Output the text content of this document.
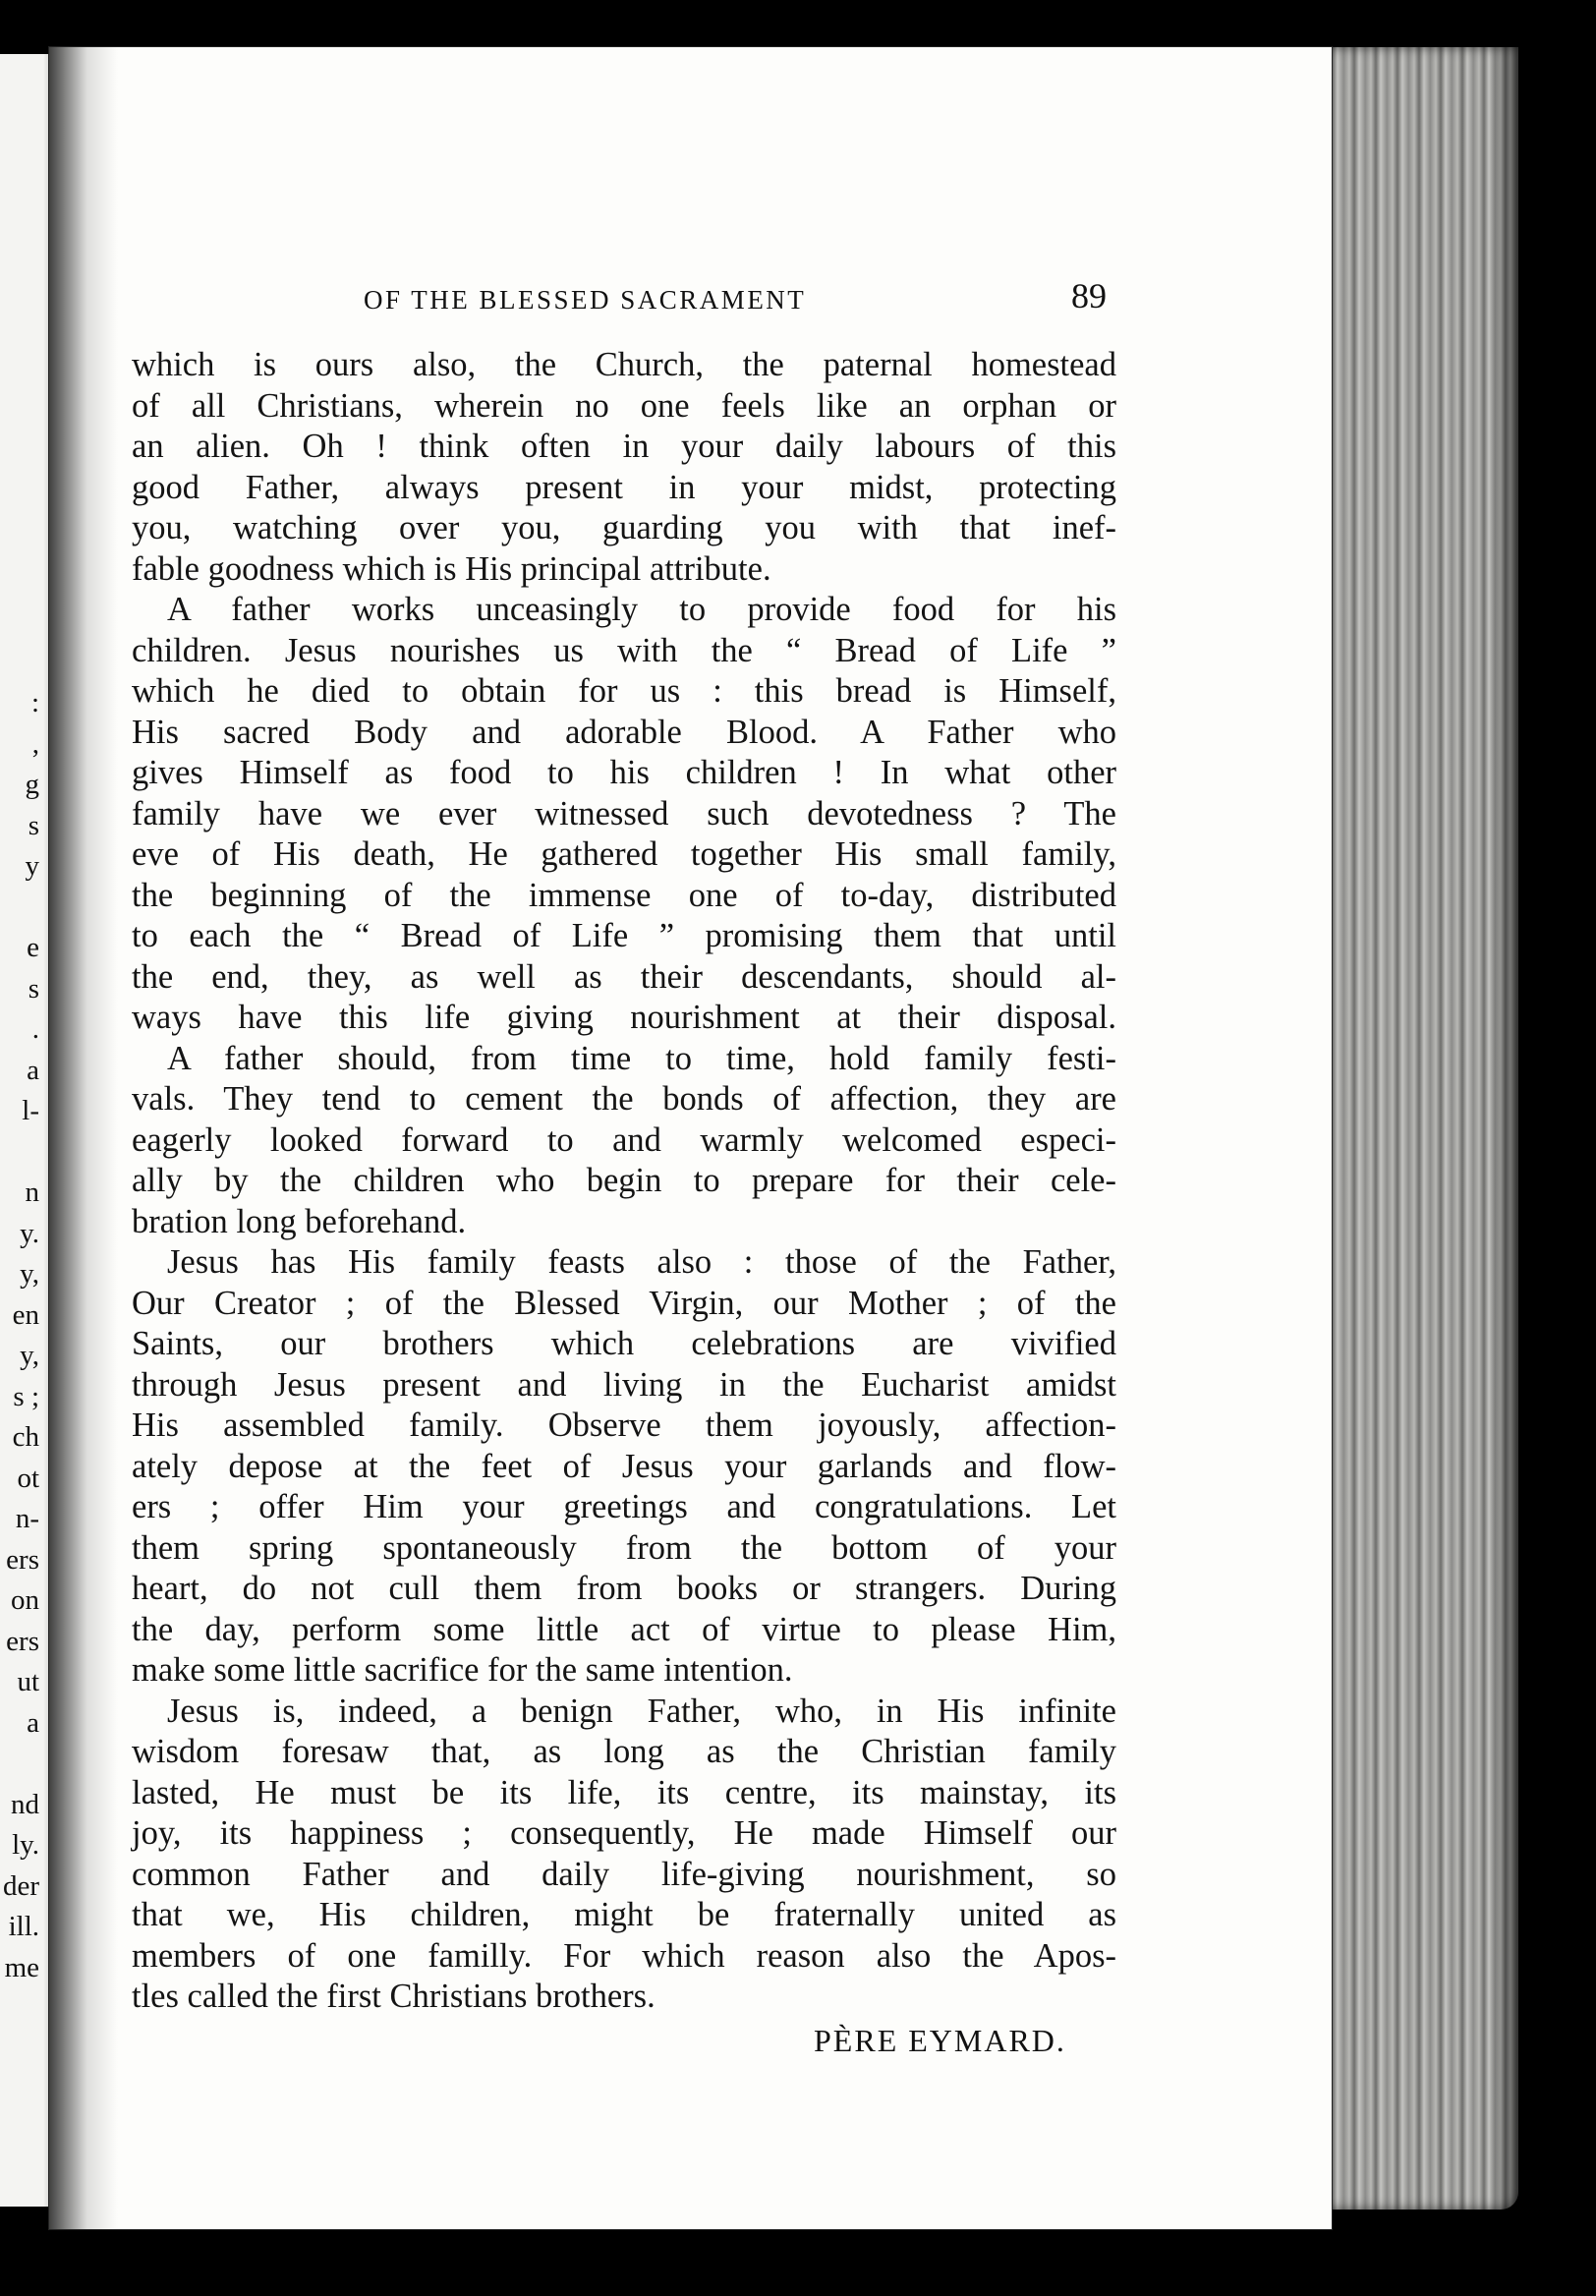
:
,
g
s
y
e
s
.
a
l-
n
y.
y,
en
y,
s ;
ch
ot
n-
ers
on
ers
ut
a
nd
ly.
der
ill.
me
OF THE BLESSED SACRAMENT	89
which is ours also, the Church, the paternal homestead
of all Christians, wherein no one feels like an orphan or
an alien. Oh ! think often in your daily labours of this
good Father, always present in your midst, protecting
you, watching over you, guarding you with that inef-
fable goodness which is His principal attribute.
A father works unceasingly to provide food for his
children. Jesus nourishes us with the “ Bread of Life ”
which he died to obtain for us : this bread is Himself,
His sacred Body and adorable Blood. A Father who
gives Himself as food to his children ! In what other
family have we ever witnessed such devotedness ? The
eve of His death, He gathered together His small family,
the beginning of the immense one of to-day, distributed
to each the “ Bread of Life ” promising them that until
the end, they, as well as their descendants, should al-
ways have this life giving nourishment at their disposal.
A father should, from time to time, hold family festi-
vals. They tend to cement the bonds of affection, they are
eagerly looked forward to and warmly welcomed especi-
ally by the children who begin to prepare for their cele-
bration long beforehand.
Jesus has His family feasts also : those of the Father,
Our Creator ; of the Blessed Virgin, our Mother ; of the
Saints, our brothers which celebrations are vivified
through Jesus present and living in the Eucharist amidst
His assembled family. Observe them joyously, affection-
ately depose at the feet of Jesus your garlands and flow-
ers ; offer Him your greetings and congratulations. Let
them spring spontaneously from the bottom of your
heart, do not cull them from books or strangers. During
the day, perform some little act of virtue to please Him,
make some little sacrifice for the same intention.
Jesus is, indeed, a benign Father, who, in His infinite
wisdom foresaw that, as long as the Christian family
lasted, He must be its life, its centre, its mainstay, its
joy, its happiness ; consequently, He made Himself our
common Father and daily life-giving nourishment, so
that we, His children, might be fraternally united as
members of one familly. For which reason also the Apos-
tles called the first Christians brothers.
PÈRE EYMARD.
